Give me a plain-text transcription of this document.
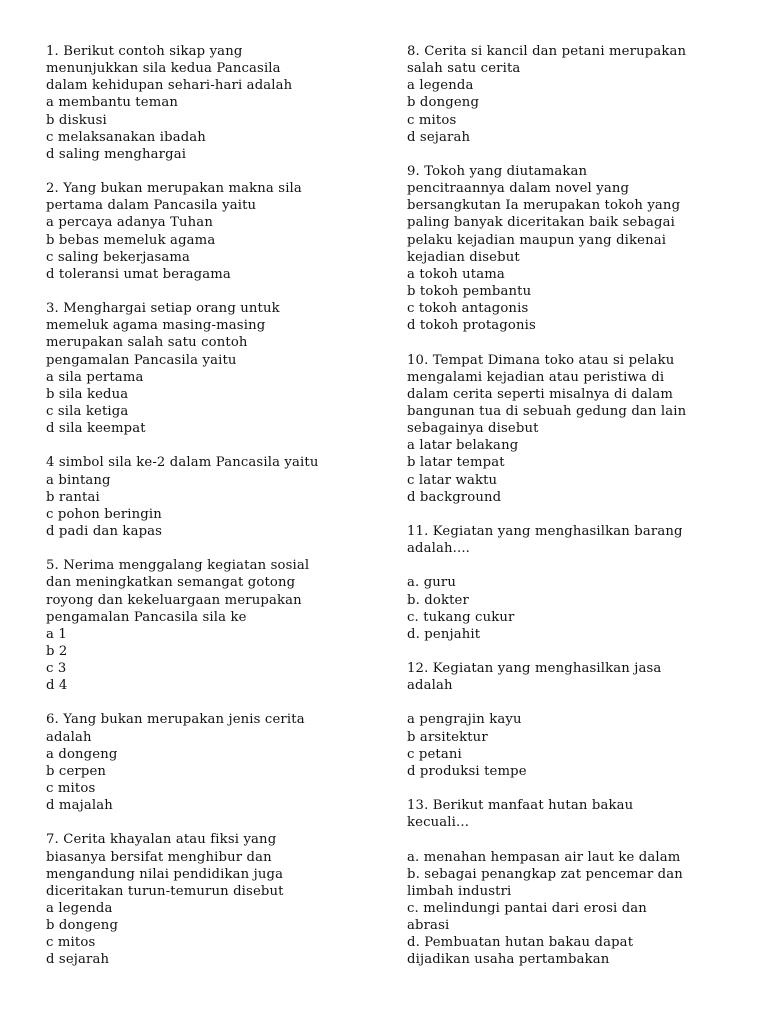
1. Berikut contoh sikap yang
menunjukkan sila kedua Pancasila
dalam kehidupan sehari-hari adalah
a membantu teman
b diskusi
c melaksanakan ibadah
d saling menghargai
2. Yang bukan merupakan makna sila
pertama dalam Pancasila yaitu
a percaya adanya Tuhan
b bebas memeluk agama
c saling bekerjasama
d toleransi umat beragama
3. Menghargai setiap orang untuk
memeluk agama masing-masing
merupakan salah satu contoh
pengamalan Pancasila yaitu
a sila pertama
b sila kedua
c sila ketiga
d sila keempat
4 simbol sila ke-2 dalam Pancasila yaitu
a bintang
b rantai
c pohon beringin
d padi dan kapas
5. Nerima menggalang kegiatan sosial
dan meningkatkan semangat gotong
royong dan kekeluargaan merupakan
pengamalan Pancasila sila ke
a 1
b 2
c 3
d 4
6. Yang bukan merupakan jenis cerita
adalah
a dongeng
b cerpen
c mitos
d majalah
7. Cerita khayalan atau fiksi yang
biasanya bersifat menghibur dan
mengandung nilai pendidikan juga
diceritakan turun-temurun disebut
a legenda
b dongeng
c mitos
d sejarah
8. Cerita si kancil dan petani merupakan
salah satu cerita
a legenda
b dongeng
c mitos
d sejarah
9. Tokoh yang diutamakan
pencitraannya dalam novel yang
bersangkutan Ia merupakan tokoh yang
paling banyak diceritakan baik sebagai
pelaku kejadian maupun yang dikenai
kejadian disebut
a tokoh utama
b tokoh pembantu
c tokoh antagonis
d tokoh protagonis
10. Tempat Dimana toko atau si pelaku
mengalami kejadian atau peristiwa di
dalam cerita seperti misalnya di dalam
bangunan tua di sebuah gedung dan lain
sebagainya disebut
a latar belakang
b latar tempat
c latar waktu
d background
11. Kegiatan yang menghasilkan barang
adalah....
a. guru
b. dokter
c. tukang cukur
d. penjahit
12. Kegiatan yang menghasilkan jasa
adalah
a pengrajin kayu
b arsitektur
c petani
d produksi tempe
13. Berikut manfaat hutan bakau
kecuali...
a. menahan hempasan air laut ke dalam
b. sebagai penangkap zat pencemar dan
limbah industri
c. melindungi pantai dari erosi dan
abrasi
d. Pembuatan hutan bakau dapat
dijadikan usaha pertambakan
